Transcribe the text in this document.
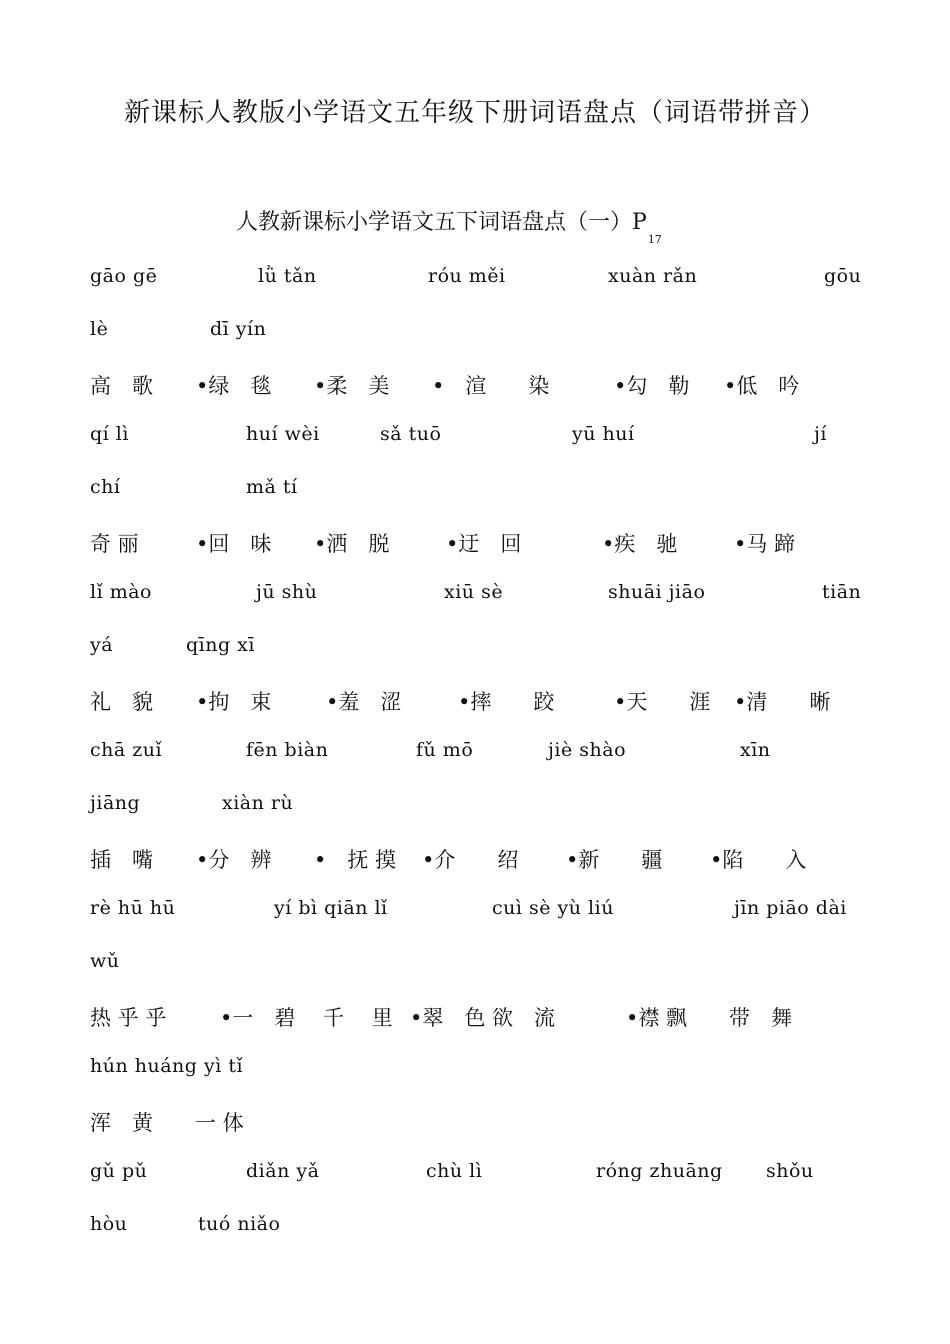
新课标人教版小学语文五年级下册词语盘点（词语带拼音）
人教新课标小学语文五下词语盘点（一）$P_{17}$
gāo gē	lǜ tǎn	róu měi	xuàn rǎn	gōu
lè	dī yín
高　歌 •绿　毯 •柔　美 •　渲　　染	•勾　勒 •低　吟
qí lì	huí wèi	sǎ tuō	yū huí	jí
chí	mǎ tí
奇 丽	•回　味 •洒　脱	•迂　回	•疾　驰	•马 蹄
lǐ mào	jū shù	xiū sè	shuāi jiāo	tiān
yá	qīng xī
礼　貌 •拘　束	•羞　涩	•摔　　跤	•天　　涯 •清　　晰
chā zuǐ	fēn biàn	fǔ mō	jiè shào	xīn
jiāng	xiàn rù
插　嘴 •分　辨 •　抚 摸 •介　　绍 •新　　疆 •陷　　入
rè hū hū	yí bì qiān lǐ	cuì sè yù liú	jīn piāo dài
wǔ
热 乎 乎	•一　碧　 千　 里 •翠　色 欲　流	•襟 飘　　带　舞
hún huáng yì tǐ
浑　黄　　一 体
gǔ pǔ	diǎn yǎ	chù lì	róng zhuāng shǒu
hòu	tuó niǎo
